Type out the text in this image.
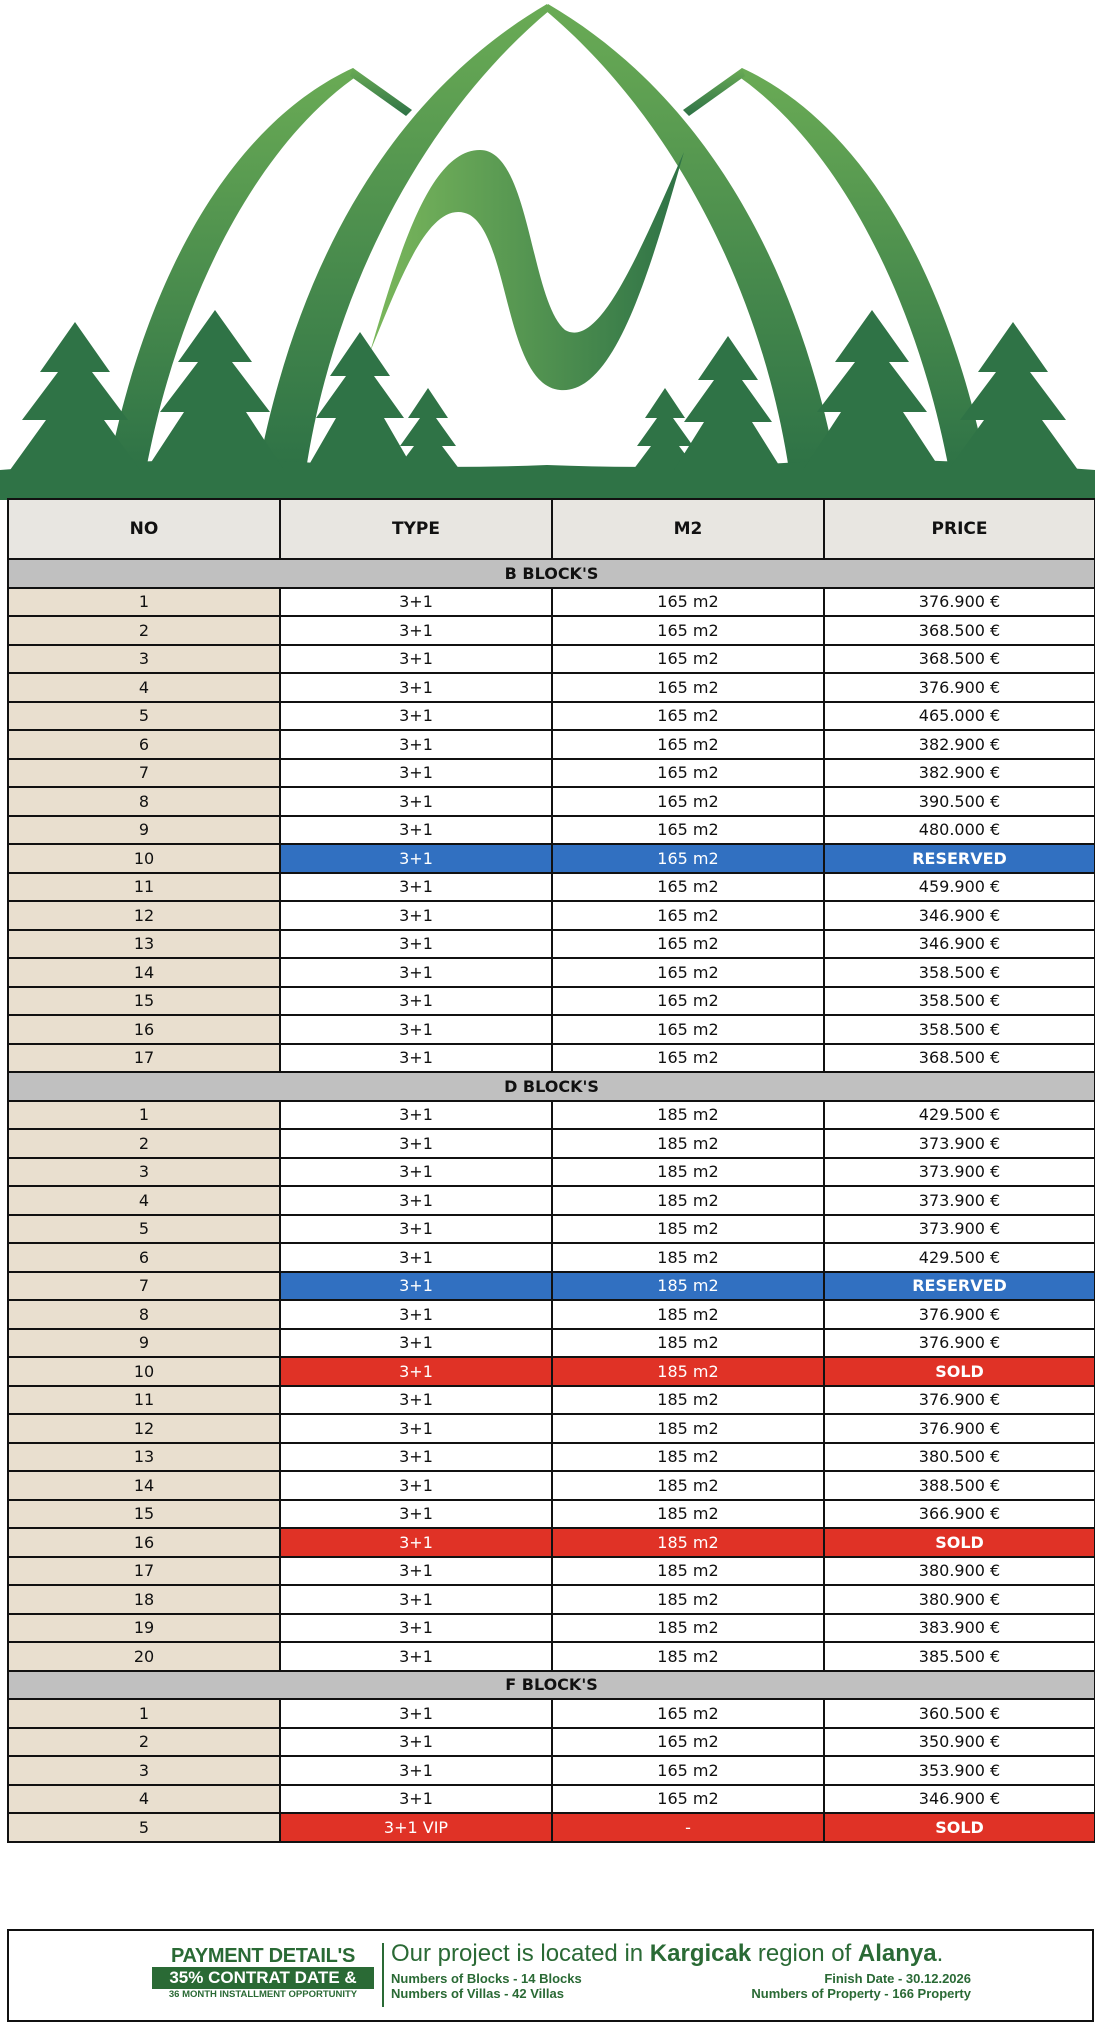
NO	TYPE	M2	PRICE
B BLOCK'S			
1	3+1	165 m2	376.900 €
2	3+1	165 m2	368.500 €
3	3+1	165 m2	368.500 €
4	3+1	165 m2	376.900 €
5	3+1	165 m2	465.000 €
6	3+1	165 m2	382.900 €
7	3+1	165 m2	382.900 €
8	3+1	165 m2	390.500 €
9	3+1	165 m2	480.000 €
10	3+1	165 m2	RESERVED
11	3+1	165 m2	459.900 €
12	3+1	165 m2	346.900 €
13	3+1	165 m2	346.900 €
14	3+1	165 m2	358.500 €
15	3+1	165 m2	358.500 €
16	3+1	165 m2	358.500 €
17	3+1	165 m2	368.500 €
D BLOCK'S			
1	3+1	185 m2	429.500 €
2	3+1	185 m2	373.900 €
3	3+1	185 m2	373.900 €
4	3+1	185 m2	373.900 €
5	3+1	185 m2	373.900 €
6	3+1	185 m2	429.500 €
7	3+1	185 m2	RESERVED
8	3+1	185 m2	376.900 €
9	3+1	185 m2	376.900 €
10	3+1	185 m2	SOLD
11	3+1	185 m2	376.900 €
12	3+1	185 m2	376.900 €
13	3+1	185 m2	380.500 €
14	3+1	185 m2	388.500 €
15	3+1	185 m2	366.900 €
16	3+1	185 m2	SOLD
17	3+1	185 m2	380.900 €
18	3+1	185 m2	380.900 €
19	3+1	185 m2	383.900 €
20	3+1	185 m2	385.500 €
F BLOCK'S			
1	3+1	165 m2	360.500 €
2	3+1	165 m2	350.900 €
3	3+1	165 m2	353.900 €
4	3+1	165 m2	346.900 €
5	3+1 VIP	-	SOLD
PAYMENT DETAIL'S
35% CONTRAT DATE &
36 MONTH INSTALLMENT OPPORTUNITY
Our project is located in Kargicak region of Alanya.
Numbers of Blocks - 14 Blocks
Numbers of Villas - 42 Villas
Finish Date - 30.12.2026
Numbers of Property - 166 Property
